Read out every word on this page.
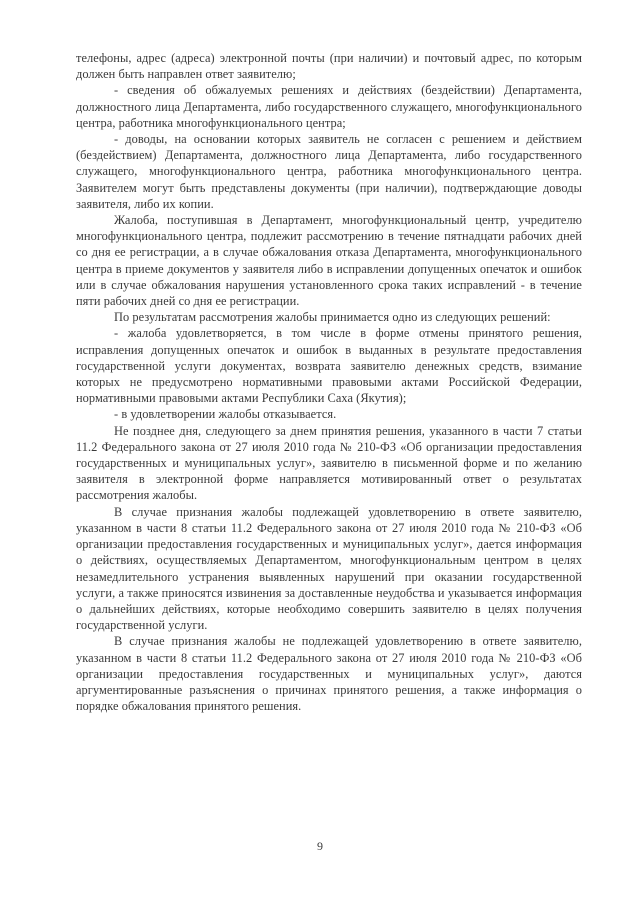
телефоны, адрес (адреса) электронной почты (при наличии) и почтовый адрес, по которым должен быть направлен ответ заявителю;

- сведения об обжалуемых решениях и действиях (бездействии) Департамента, должностного лица Департамента, либо государственного служащего, многофункционального центра, работника многофункционального центра;

- доводы, на основании которых заявитель не согласен с решением и действием (бездействием) Департамента, должностного лица Департамента, либо государственного служащего, многофункционального центра, работника многофункционального центра. Заявителем могут быть представлены документы (при наличии), подтверждающие доводы заявителя, либо их копии.

Жалоба, поступившая в Департамент, многофункциональный центр, учредителю многофункционального центра, подлежит рассмотрению в течение пятнадцати рабочих дней со дня ее регистрации, а в случае обжалования отказа Департамента, многофункционального центра в приеме документов у заявителя либо в исправлении допущенных опечаток и ошибок или в случае обжалования нарушения установленного срока таких исправлений - в течение пяти рабочих дней со дня ее регистрации.

По результатам рассмотрения жалобы принимается одно из следующих решений:

- жалоба удовлетворяется, в том числе в форме отмены принятого решения, исправления допущенных опечаток и ошибок в выданных в результате предоставления государственной услуги документах, возврата заявителю денежных средств, взимание которых не предусмотрено нормативными правовыми актами Российской Федерации, нормативными правовыми актами Республики Саха (Якутия);

- в удовлетворении жалобы отказывается.

Не позднее дня, следующего за днем принятия решения, указанного в части 7 статьи 11.2 Федерального закона от 27 июля 2010 года № 210-ФЗ «Об организации предоставления государственных и муниципальных услуг», заявителю в письменной форме и по желанию заявителя в электронной форме направляется мотивированный ответ о результатах рассмотрения жалобы.

В случае признания жалобы подлежащей удовлетворению в ответе заявителю, указанном в части 8 статьи 11.2 Федерального закона от 27 июля 2010 года № 210-ФЗ «Об организации предоставления государственных и муниципальных услуг», дается информация о действиях, осуществляемых Департаментом, многофункциональным центром в целях незамедлительного устранения выявленных нарушений при оказании государственной услуги, а также приносятся извинения за доставленные неудобства и указывается информация о дальнейших действиях, которые необходимо совершить заявителю в целях получения государственной услуги.

В случае признания жалобы не подлежащей удовлетворению в ответе заявителю, указанном в части 8 статьи 11.2 Федерального закона от 27 июля 2010 года № 210-ФЗ «Об организации предоставления государственных и муниципальных услуг», даются аргументированные разъяснения о причинах принятого решения, а также информация о порядке обжалования принятого решения.

9
